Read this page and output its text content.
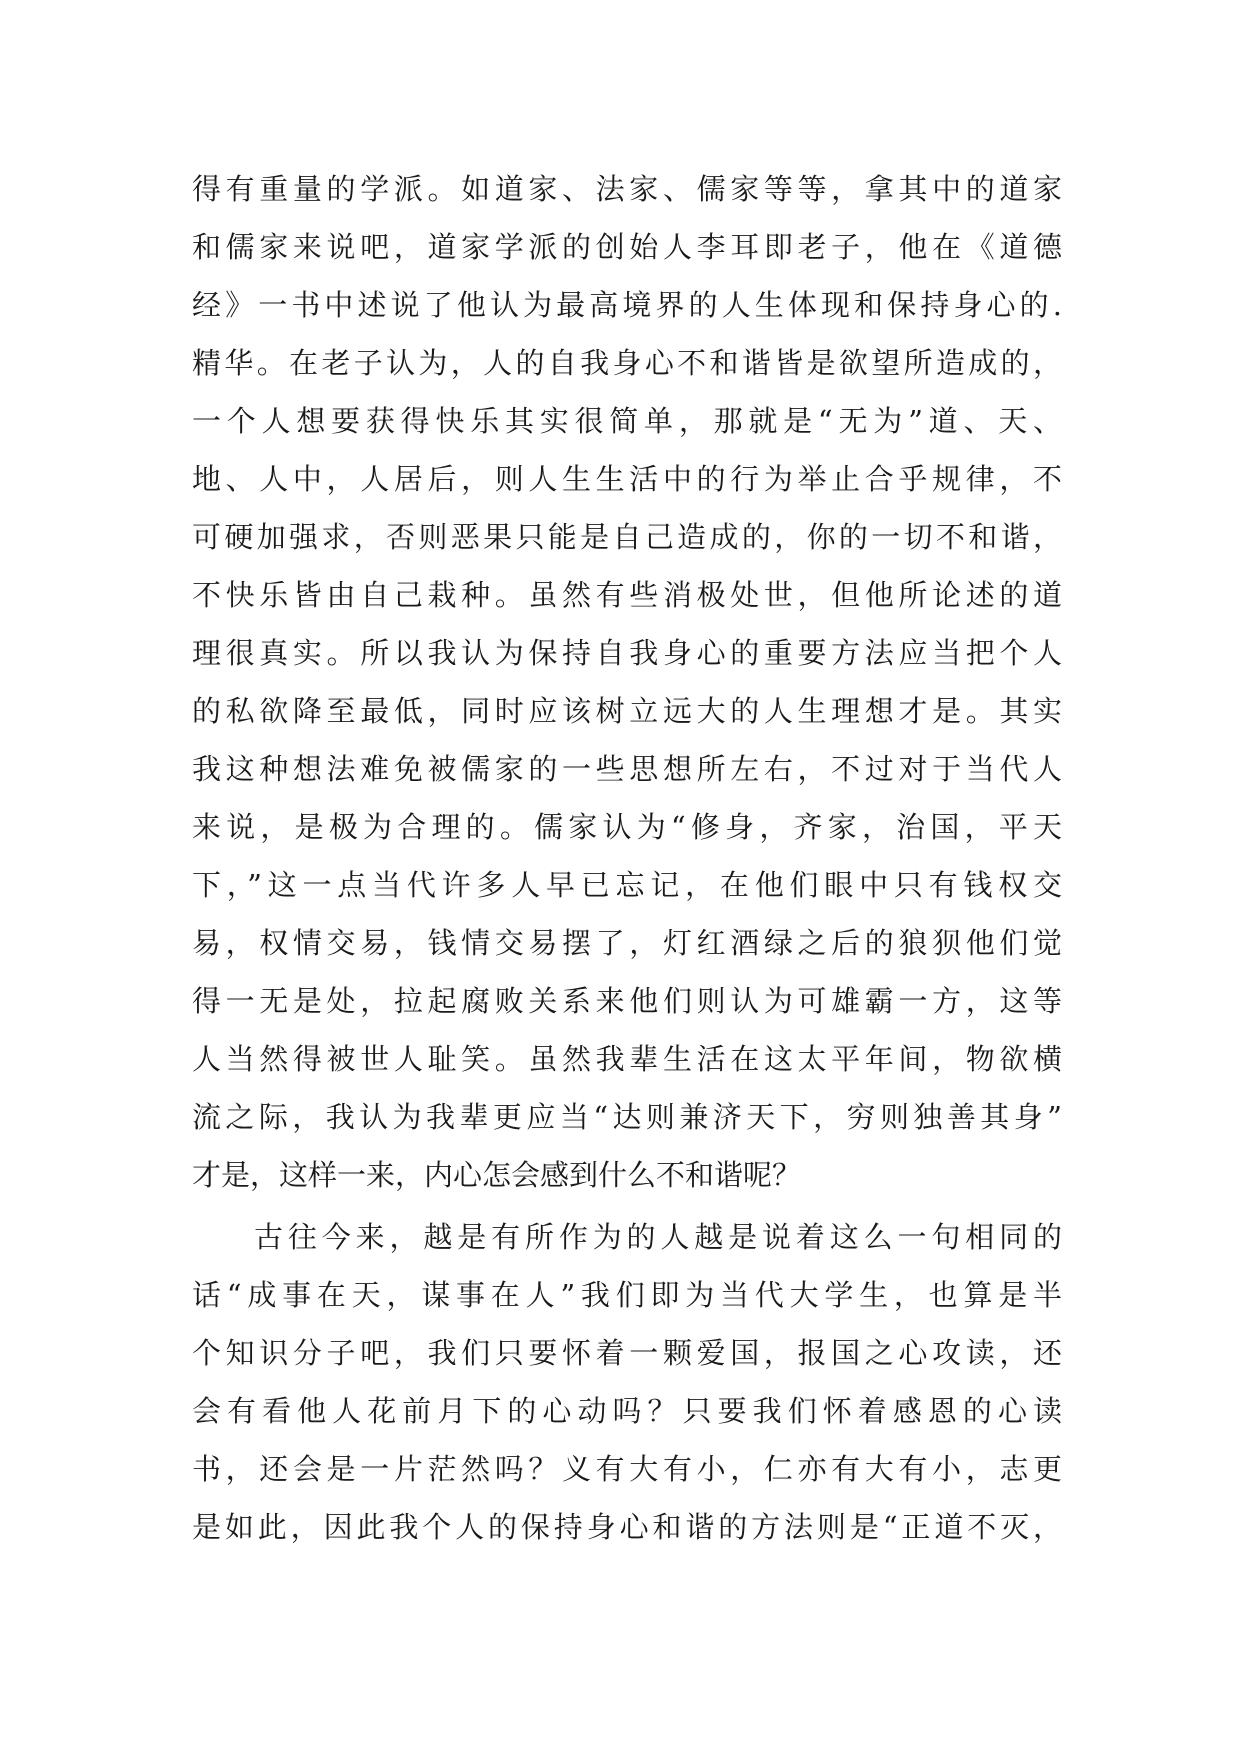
得有重量的学派。如道家、法家、儒家等等，拿其中的道家
和儒家来说吧，道家学派的创始人李耳即老子，他在《道德
经》一书中述说了他认为最高境界的人生体现和保持身心的.
精华。在老子认为，人的自我身心不和谐皆是欲望所造成的，
一个人想要获得快乐其实很简单，那就是“无为”道、天、
地、人中，人居后，则人生生活中的行为举止合乎规律，不
可硬加强求，否则恶果只能是自己造成的，你的一切不和谐，
不快乐皆由自己栽种。虽然有些消极处世，但他所论述的道
理很真实。所以我认为保持自我身心的重要方法应当把个人
的私欲降至最低，同时应该树立远大的人生理想才是。其实
我这种想法难免被儒家的一些思想所左右，不过对于当代人
来说，是极为合理的。儒家认为“修身，齐家，治国，平天
下，”这一点当代许多人早已忘记，在他们眼中只有钱权交
易，权情交易，钱情交易摆了，灯红酒绿之后的狼狈他们觉
得一无是处，拉起腐败关系来他们则认为可雄霸一方，这等
人当然得被世人耻笑。虽然我辈生活在这太平年间，物欲横
流之际，我认为我辈更应当“达则兼济天下，穷则独善其身”
才是，这样一来，内心怎会感到什么不和谐呢？
古往今来，越是有所作为的人越是说着这么一句相同的
话“成事在天，谋事在人”我们即为当代大学生，也算是半
个知识分子吧，我们只要怀着一颗爱国，报国之心攻读，还
会有看他人花前月下的心动吗？只要我们怀着感恩的心读
书，还会是一片茫然吗？义有大有小，仁亦有大有小，志更
是如此，因此我个人的保持身心和谐的方法则是“正道不灭，
